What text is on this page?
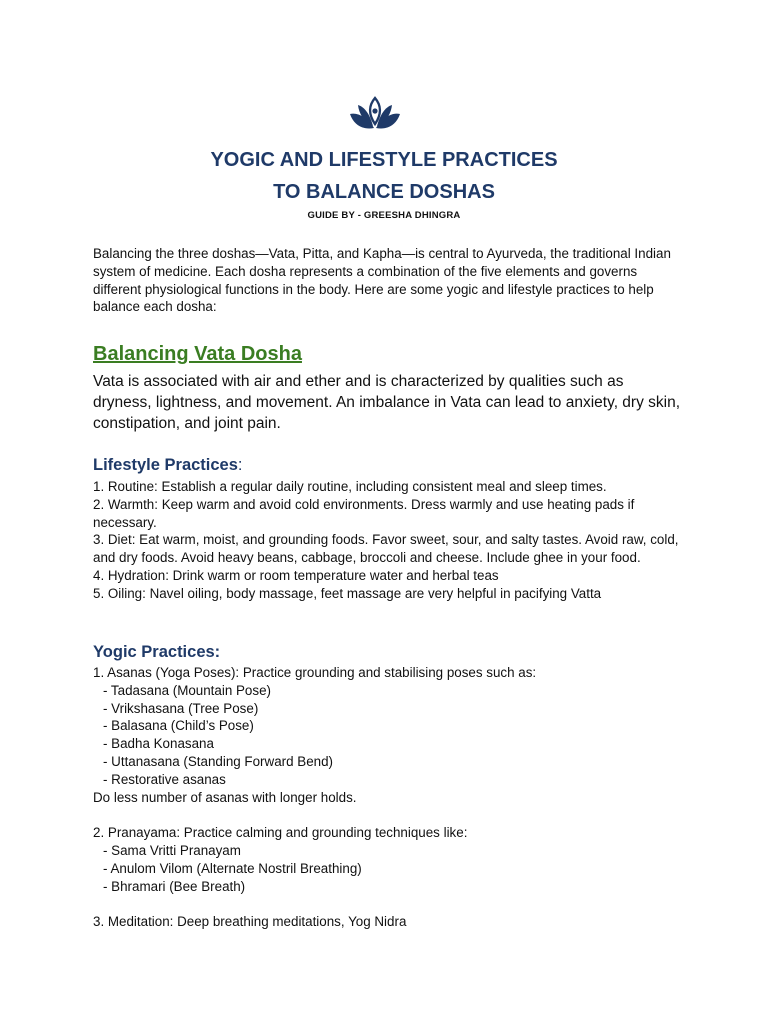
YOGIC AND LIFESTYLE PRACTICES
TO BALANCE DOSHAS
GUIDE BY - GREESHA DHINGRA

Balancing the three doshas—Vata, Pitta, and Kapha—is central to Ayurveda, the traditional Indian system of medicine. Each dosha represents a combination of the five elements and governs different physiological functions in the body. Here are some yogic and lifestyle practices to help balance each dosha:

Balancing Vata Dosha

Vata is associated with air and ether and is characterized by qualities such as dryness, lightness, and movement. An imbalance in Vata can lead to anxiety, dry skin, constipation, and joint pain.

Lifestyle Practices:
1. Routine: Establish a regular daily routine, including consistent meal and sleep times.
2. Warmth: Keep warm and avoid cold environments. Dress warmly and use heating pads if necessary.
3. Diet: Eat warm, moist, and grounding foods. Favor sweet, sour, and salty tastes. Avoid raw, cold, and dry foods. Avoid heavy beans, cabbage, broccoli and cheese. Include ghee in your food.
4. Hydration: Drink warm or room temperature water and herbal teas
5. Oiling: Navel oiling, body massage, feet massage are very helpful in pacifying Vatta
Yogic Practices:
1. Asanas (Yoga Poses): Practice grounding and stabilising poses such as:
- Tadasana (Mountain Pose)
- Vrikshasana (Tree Pose)
- Balasana (Child’s Pose)
- Badha Konasana
- Uttanasana (Standing Forward Bend)
- Restorative asanas
Do less number of asanas with longer holds.
2. Pranayama: Practice calming and grounding techniques like:
- Sama Vritti Pranayam
- Anulom Vilom (Alternate Nostril Breathing)
- Bhramari (Bee Breath)
3. Meditation: Deep breathing meditations, Yog Nidra
